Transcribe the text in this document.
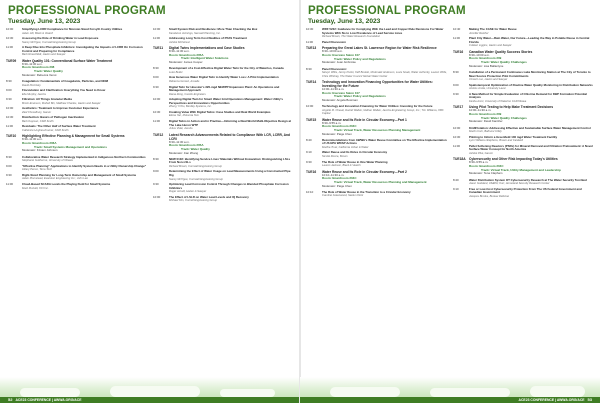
PROFESSIONAL PROGRAM
Tuesday, June 13, 2023
10:00	Simplifying LCRR Compliance for Monster-Sized Forsyth County Utilities
Adam Hill, Black & Veatch
10:30	Assessing the Role of Drinking Water in Lead Exposure
Nancy McTigue, Cornwell Engineering Group
11:00	A Deep Dive Into Phosphate Inhibitors: Investigating the Impacts of LCRR On Corrosion Control and Preparing for Compliance
Barb Rosenfeldt, Hazen and Sawyer
TUE09	Water Quality 101: Conventional Surface Water Treatment
8:30–11:30 a.m.
Room: Boardroom 208
Track: Water Quality
Moderator: Rebecca Venot
8:30	Coagulation: Fundamentals of Coagulants, Particles, and NOM
David Pernitsky
9:00	Flocculation and Clarification: Everything You Need to Know
Ella Murphy, Jacobs
9:30	Filtration: All Things Granular Media
Brock Emerson, Moheb Bin, Matthew Charles, Hazen and Sawyer
10:00	Aesthetics: Treatment to Improve Customer Experience
Zaid Chowdhury, Garver
10:30	Disinfection: Basics of Pathogen Inactivation
Barb Kayman, CDM Smith
11:00	Residuals: The Other Half of Surface Water Treatment
Catherine Hughes-Kramer, CDM Smith
TUE10	Highlighting Effective Planning & Management for Small Systems
8:30–11:30 a.m.
Room: Boardroom 206A
Track: Small Systems Management and Operations
Moderator: Kristen Johnson
8:30	Collaborative Water Research Strategy Implemented in Indigenous Northern Communities
Stephanie Guilherme, University of Ottawa
9:00	"Effective Planning" Applications to Identify System Needs in a Utility Ownership Change"
Hillary Pence, Terra Tech
9:30	Right-Sized Planning for Long-Term Ownership and Management of Small Systems
Adam Plumstead, Evanston Engineering Inc.; John Lee
11:00	Cloud-Based SCADA Levels the Playing Field for Small Systems
Mark Puckett, KCI Inc.
10:00	Small System Risk and Resilience: More Than Checking the Box
Kandance Jennings, Samsell Planning, Inc.
11:00	Addressing Long Term Cost Realities of PFAS Treatment
Ashlee Michelson
TUE11	Digital Twins Implementations and Case Studies
8:30–11:30 a.m.
Room: Boardroom 205A
Track: Intelligent Water Solutions
Moderator: James Cooper
8:30	Development of a Cost-Effective Digital Water Twin for the City of Waterloo, Canada
Luke Butler
9:00	How Generous Water Digital Twin to Identify Water Loss: A Pilot Implementation
Rebecca Gomez, Arcadis
9:30	Digital Twin for Houston's 320-mgd NEWPP Expansion Plant: An Operations and Management Approach
Diana Zeng, Carollo Engineers
10:00	Adopting Digital Twin for Smart Water Grid Operations Management: Water Utility's Perspectives and Innovations Opportunities
Zheng Yi Wu, Bentley Systems, Inc.
10:30	Creating Value With Digital Twins: Case Studies and Real World Examples
Elena Yan, Motorola Tem
11:00	Digital Twins in Action and in Practice—Informing a Real-World Multi-Objective Design at The Lake Huron WTP
Julius Vidal, Jacobs
TUE12	Latest Research Advancements Related to Compliance With LCR, LCRR, And LCRI
8:30–11:30 a.m.
Room: Boardroom 205A
Track: Water Quality
Moderator: Jian Zhang
8:30	NEW 0102: Identifying Service Lines' Materials Without Excavation: Distinguishing LSLs From Non-LSLs
Richard Brown, Cornwell Engineering Group
9:00	Determining the Effect of Water Usage on Lead Measurements Using a Constructed Pipe Rig
Nancy McTigue, Cornwell Engineering Group
9:30	Optimizing Lead Corrosion Control Through Changes to Blended Phosphate Corrosion Inhibitors
Roger Arnold, Hazen & Sawyer
10:00	The Effect of LSLR on Water Lead Levels and IQ Recovery
Michael Kim, Cornell Engineering Group
52 ACE23 CONFERENCE | AWWA.ORG/ACE
PROFESSIONAL PROGRAM
Tuesday, June 13, 2023
10:30	WRF 5222: Guidance for Complying With the Lead and Copper Rule Revisions For Water Systems With No to Low Prevalence of Lead Service Lines
Richard Brown, The Water Research Foundation
11:00	Panel Discussion
TUE13	Preparing the Great Lakes St. Lawrence Region for Water Risk Resilience
8:30–10:00 a.m.
Room: Exercare Salon 107
Track: Water Policy and Regulations
Moderator: Jean Ambroise
8:30	Panel Discussion:
Selvyn Willis, Jenny Porter, Keff Booket, Mcdonald Anderson, Louis Scale, Water Authority, Lauren Willis, Chris Whitney, The Water Council Global Water Center
TUE14	Technology and Innovation Financing Opportunities for Water Utilities: Investing for the Future
10:00–11:30 a.m.
Room: Exercare Salon 107
Track: Water Policy and Regulations
Moderator: Angela Bowman
10:00	Technology and Innovation Financing for Water Utilities: Investing for the Future
Angelle M. Chasel, Daniel Walker, Nathan Walker, Jacobs Engineering Group, Inc.; Tim Williams, KBC Capital
TUE15	Water Reuse and Its Role in Circular Economy—Part 1
8:30–9:55 a.m.
Room: Boardroom 204C
Track: Virtual Track, Water Resources Planning Management
Moderator: Paige Chen
8:40	Recommendations from AWWA's Water Reuse Committee on The Effective Implementation of US EPA WRAP Actions
Martha Truer, California Urban & Water
9:10	Water Reuse and Its Roles in Circular Economy
Nicolle Rocca, Brown
9:30	The Role of Water Reuse in One Water Planning
Lauren Jackson, Black & Veatch
TUE16	Water Reuse and Its Role in Circular Economy—Part 2
10:10–11:30 a.m.
Room: Boardroom 204C
Track: Virtual Track, Water Resources Planning and Management
Moderator: Paige Chen
10:10	The Role of Water Reuse in the Transition to a Circular Economy
Caroline Greenwood, Seelun Klotz
10:40	Making The CASE for Water Reuse
Jennifer Reichel
11:00	Plant City Water—Rain Water, Our Future—Leading the Way in Potable Reuse in Central Florida
Colleen Liggins, Hazen and Sawyer
TUE16	Canadian Water Quality Success Stories
8:30–10:00 a.m.
Room: Boardroom 209
Track: Water Quality Challenges
Moderator: Lisa Ballantyne
8:30	Installation of a Permanent Continuous Lake Monitoring Station at The City of Toronto to Meet Source Protection Pilot Commitments
Vincent Luo, Hazen and Sawyer
9:00	Spatiotemporal Optimization of Routine Water Quality Monitoring in Distribution Networks
Andres Aroila, University Laval
9:30	A New Method for Simple Evaluation of Chlorine Demand for DBP Formation Potential Analysis
Fariba Amiri, University of Waterloo Civil/Ottawa
TUE17	Using Pilot Testing to Help Make Treatment Decisions
10:00–11:30 a.m.
Room: Boardroom 209
Track: Water Quality Challenges
Moderator: David Kantzler
10:00	KinfiFlotation: Addressing Effective and Sustainable Surface Water Management Control
Martin Cork, Bathurst Utility
10:30	Piloting to Inform a Greenfield 130 mgd Water Treatment Facility
Lynn Williams-Stephens, Brown and Caldwell
11:00	Pellet Softening Reactors (PSRs) for Mineral Removal and Filtration Pretreatment: A Novel Surface Water Concept for North America
Ashlee Pike, Garver
TUE18A	Cybersecurity and Other Risk Impacting Today's Utilities
8:30–9:55 a.m.
Room: Boardroom 204C
Track: Virtual Track, Utility Management and Leadership
Moderator: Tena Clapham
8:40	Water Distribution System OT Cybersecurity Research at The Water Security Test Bed
Jason Goddard, USEPA; Kurt, Homeland Security Research Center
9:10	Free or Low-Cost Cybersecurity Protection From The US Federal Government and Canadian Government
Jacques Brooks, Bureau Defense
ACE23 CONFERENCE | AWWA.ORG/ACE 53
